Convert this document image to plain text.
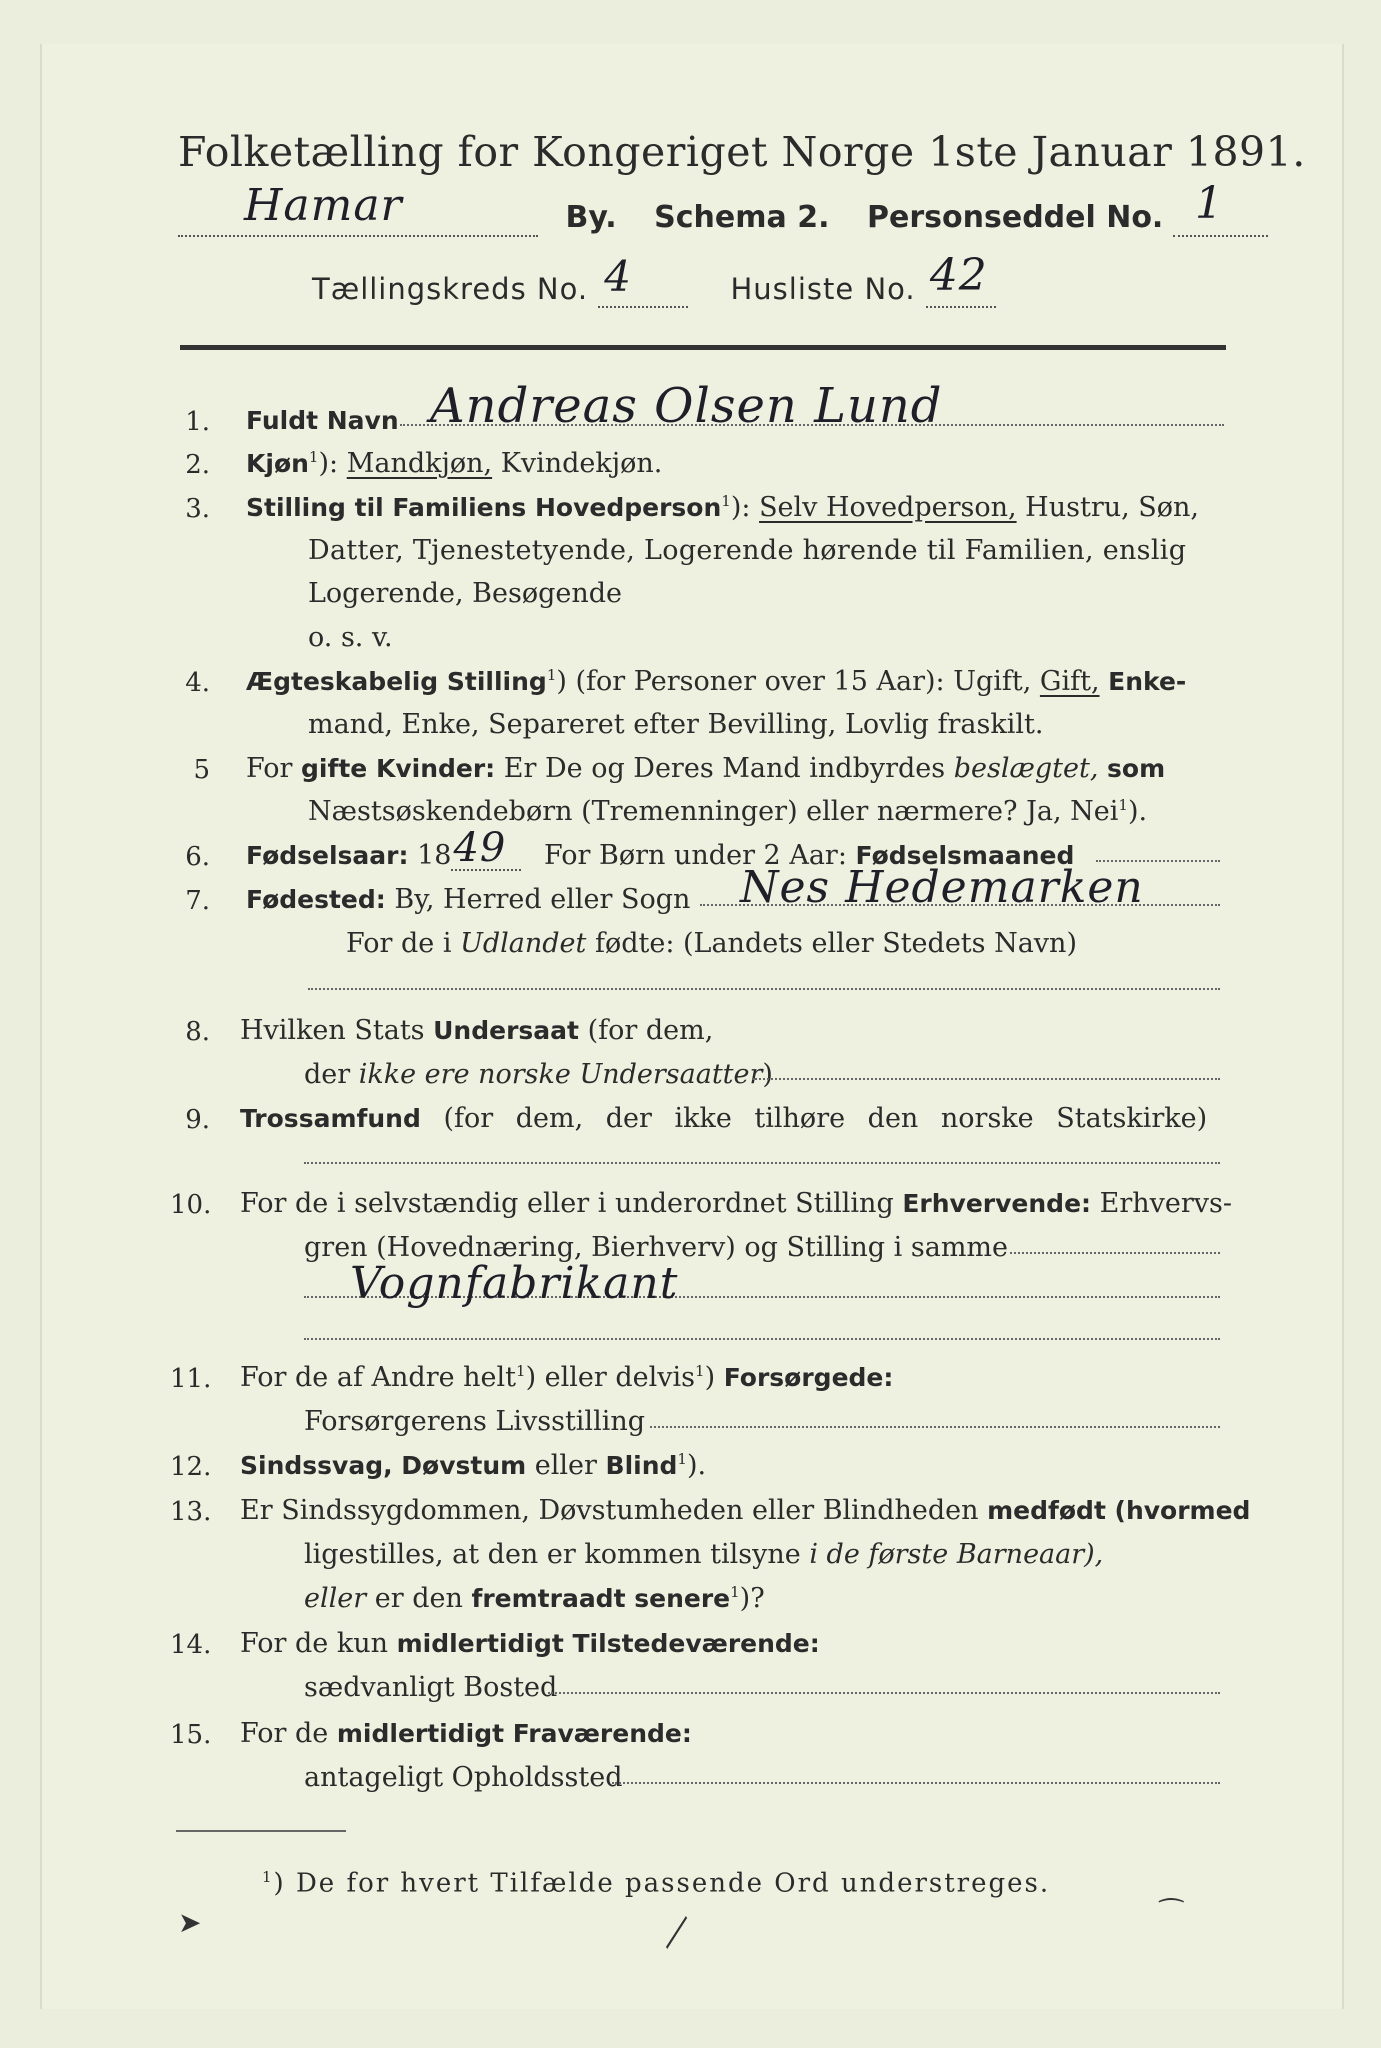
Folketælling for Kongeriget Norge 1ste Januar 1891.
Hamar	By. Schema 2. Personseddel No. 1

Tællingskreds No. 4	Husliste No. 42

1. Fuldt Navn Andreas Olsen Lund
2. Kjøn$^1$): Mandkjøn, Kvindekjøn.
3. Stilling til Familiens Hovedperson$^1$): Selv Hovedperson, Hustru, Søn,
Datter, Tjenestetyende, Logerende hørende til Familien, enslig
Logerende, Besøgende
o. s. v.
4. Ægteskabelig Stilling$^1$) (for Personer over 15 Aar): Ugift, Gift, Enke-
mand, Enke, Separeret efter Bevilling, Lovlig fraskilt.
5 For gifte Kvinder: Er De og Deres Mand indbyrdes beslægtet, som
Næstsøskendebørn (Tremenninger) eller nærmere? Ja, Nei$^1$).
6. Fødselsaar: 18 49 For Børn under 2 Aar: Fødselsmaaned
7. Fødested: By, Herred eller Sogn Nes Hedemarken
For de i Udlandet fødte: (Landets eller Stedets Navn)
8. Hvilken Stats Undersaat (for dem,
der ikke ere norske Undersaatter)
9. Trossamfund (for dem, der ikke tilhøre den norske Statskirke)
10. For de i selvstændig eller i underordnet Stilling Erhvervende: Erhvervs-
gren (Hovednæring, Bierhverv) og Stilling i samme
Vognfabrikant
11. For de af Andre helt$^1$) eller delvis$^1$) Forsørgede:
Forsørgerens Livsstilling
12. Sindssvag, Døvstum eller Blind$^1$).
13. Er Sindssygdommen, Døvstumheden eller Blindheden medfødt (hvormed
ligestilles, at den er kommen tilsyne i de første Barneaar),
eller er den fremtraadt senere$^1$)?
14. For de kun midlertidigt Tilstedeværende:
sædvanligt Bosted
15. For de midlertidigt Fraværende:
antageligt Opholdssted
$^1$) De for hvert Tilfælde passende Ord understreges.
➤	╲
⁀
